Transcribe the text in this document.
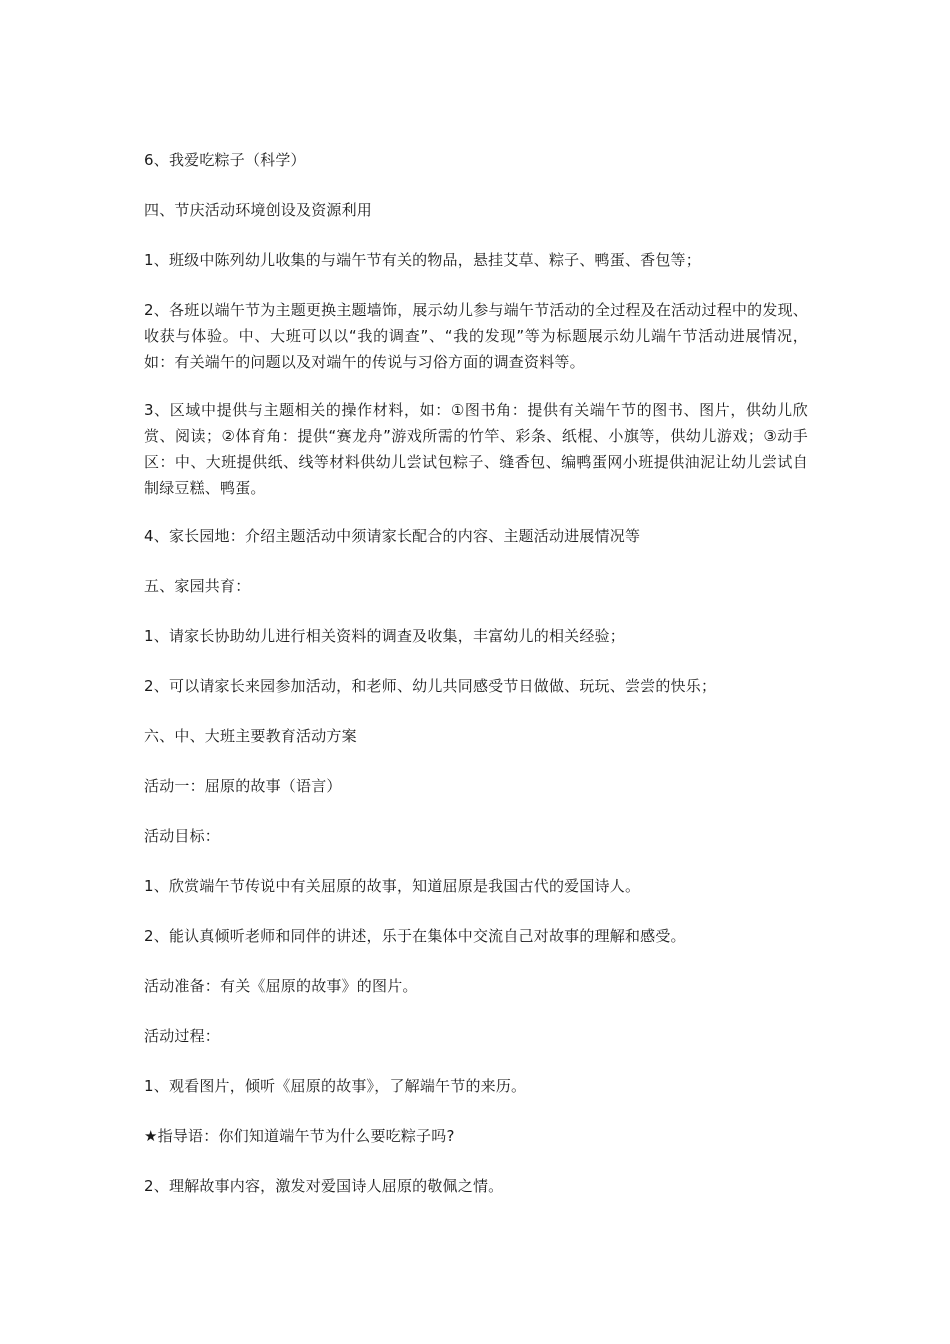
6、我爱吃粽子（科学）

四、节庆活动环境创设及资源利用

1、班级中陈列幼儿收集的与端午节有关的物品，悬挂艾草、粽子、鸭蛋、香包等；

2、各班以端午节为主题更换主题墙饰，展示幼儿参与端午节活动的全过程及在活动过程中的发现、收获与体验。中、大班可以以“我的调查”、“我的发现”等为标题展示幼儿端午节活动进展情况，如：有关端午的问题以及对端午的传说与习俗方面的调查资料等。

3、区域中提供与主题相关的操作材料，如：①图书角：提供有关端午节的图书、图片，供幼儿欣赏、阅读；②体育角：提供“赛龙舟”游戏所需的竹竿、彩条、纸棍、小旗等，供幼儿游戏；③动手区：中、大班提供纸、线等材料供幼儿尝试包粽子、缝香包、编鸭蛋网小班提供油泥让幼儿尝试自制绿豆糕、鸭蛋。

4、家长园地：介绍主题活动中须请家长配合的内容、主题活动进展情况等

五、家园共育：

1、请家长协助幼儿进行相关资料的调查及收集，丰富幼儿的相关经验；

2、可以请家长来园参加活动，和老师、幼儿共同感受节日做做、玩玩、尝尝的快乐；

六、中、大班主要教育活动方案

活动一：屈原的故事（语言）

活动目标：

1、欣赏端午节传说中有关屈原的故事，知道屈原是我国古代的爱国诗人。

2、能认真倾听老师和同伴的讲述，乐于在集体中交流自己对故事的理解和感受。

活动准备：有关《屈原的故事》的图片。

活动过程：

1、观看图片，倾听《屈原的故事》，了解端午节的来历。

★指导语：你们知道端午节为什么要吃粽子吗?

2、理解故事内容，激发对爱国诗人屈原的敬佩之情。
